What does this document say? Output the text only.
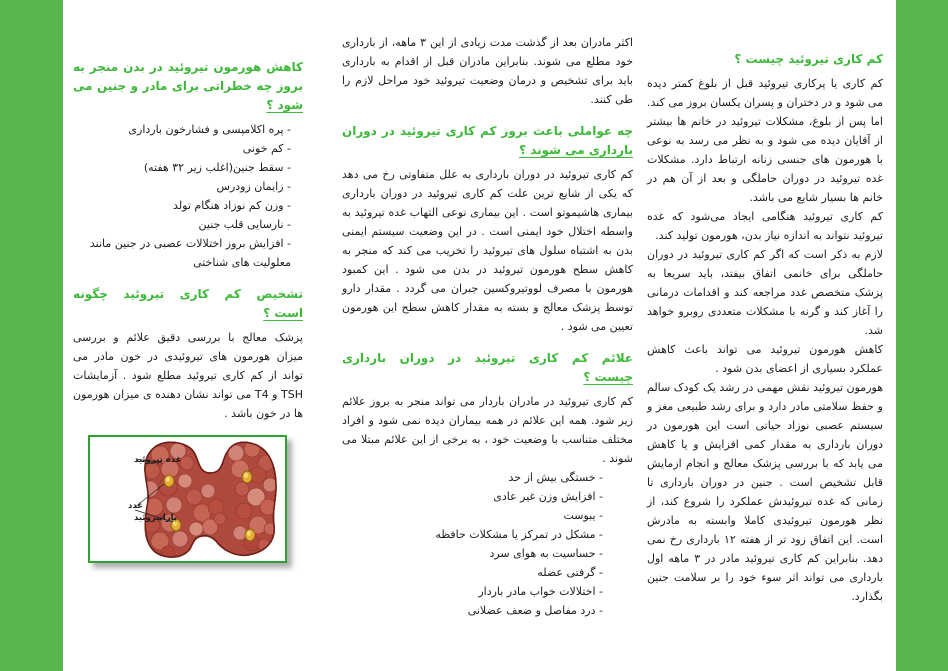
کم کاری تیروئید چیست ؟

کم کاری یا پرکاری تیروئید قبل از بلوغ کمتر دیده می شود و در دختران و پسران یکسان بروز می کند. اما پس از بلوغ، مشکلات تیروئید در خانم ها بیشتر از آقایان دیده می شود و به نظر می رسد به نوعی با هورمون های جنسی زنانه ارتباط دارد. مشکلات غده تیروئید در دوران حاملگی و بعد از آن هم در خانم ها بسیار شایع می باشد.

کم کاری تیروئید هنگامی ایجاد می‌شود که غده تیروئید نتواند به اندازه نیاز بدن، هورمون تولید کند.

لازم به ذکر است که اگر کم کاری تیروئید در دوران حاملگی برای خانمی اتفاق بیفتد، باید سریعا به پزشک متخصص غدد مراجعه کند و اقدامات درمانی را آغاز کند و گرنه با مشکلات متعددی روبرو خواهد شد.

کاهش هورمون تیروئید می تواند باعث کاهش عملکرد بسیاری از اعضای بدن شود .

هورمون تیروئید نقش مهمی در رشد یک کودک سالم و حفظ سلامتی مادر دارد و برای رشد طبیعی مغز و سیستم عصبی نوزاد حیاتی است این هورمون در دوران بارداری به مقدار کمی افزایش و یا کاهش می یابد که با بررسی پزشک معالج و انجام ازمایش قابل تشخیص است . جنین در دوران بارداری تا زمانی که غده تیروئیدش عملکرد را شروع کند، از نظر هورمون تیروئیدی کاملا وابسته به مادرش است. این اتفاق زود تر از هفته ۱۲ بارداری رخ نمی دهد. بنابراین کم کاری تیروئید مادر در ۳ ماهه اول بارداری می تواند اثر سوء خود را بر سلامت جنین بگذارد.

اکثر مادران بعد از گذشت مدت زیادی از این ۳ ماهه، از بارداری خود مطلع می شوند. بنابراین مادران قبل از اقدام به بارداری باید برای تشخیص و درمان وضعیت تیروئید خود مراحل لازم را طی کنند.

چه عواملی باعث بروز کم کاری تیروئید در دوران
بارداری می شوند ؟

کم کاری تیروئید در دوران بارداری به علل متفاوتی رخ می دهد که یکی از شایع ترین علت کم کاری تیروئید در دوران بارداری بیماری هاشیموتو است . این بیماری نوعی التهاب غده تیروئید به واسطه اختلال خود ایمنی است . در این وضعیت سیستم ایمنی بدن به اشتباه سلول های تیروئید را تخریب می کند که منجر به کاهش سطح هورمون تیروئید در بدن می شود . این کمبود هورمون با مصرف لووتیروکسین جبران می گردد . مقدار دارو توسط پزشک معالج و بسته به مقدار کاهش سطح این هورمون تعیین می شود .

علائم کم کاری تیروئید در دوران بارداری
چیست ؟

کم کاری تیروئید در مادران باردار می تواند منجر به بروز علائم زیر شود. همه این علائم در همه بیماران دیده نمی شود و افراد مختلف متناسب با وضعیت خود ، به برخی از این علائم مبتلا می شوند .

- خستگی بیش از حد
- افزایش وزن غیر عادی
- یبوست
- مشکل در تمرکز یا مشکلات حافظه
- حساسیت به هوای سرد
- گرفتی عضله
- اختلالات خواب مادر باردار
- درد مفاصل و ضعف عضلانی
کاهش هورمون تیروئید در بدن منجر به
بروز چه خطراتی برای مادر و جنین می
شود ؟
- پره اکلامپسی و فشارخون بارداری
- کم خونی
- سقط جنین(اغلب زیر ۳۲ هفته)
- زایمان زودرس
- وزن کم نوزاد هنگام تولد
- نارسایی قلب جنین
- افزایش بروز اختلالات عصبی در جنین مانند معلولیت های شناختی
تشخیص کم کاری تیروئید چگونه
است ؟

پزشک معالج با بررسی دقیق علائم و بررسی میزان هورمون های تیروئیدی در خون مادر می تواند از کم کاری تیروئید مطلع شود . آزمایشات TSH و T4 می تواند نشان دهنده ی میزان هورمون ها در خون باشد .

غده تیروئید
غدد
پاراتیروئید
